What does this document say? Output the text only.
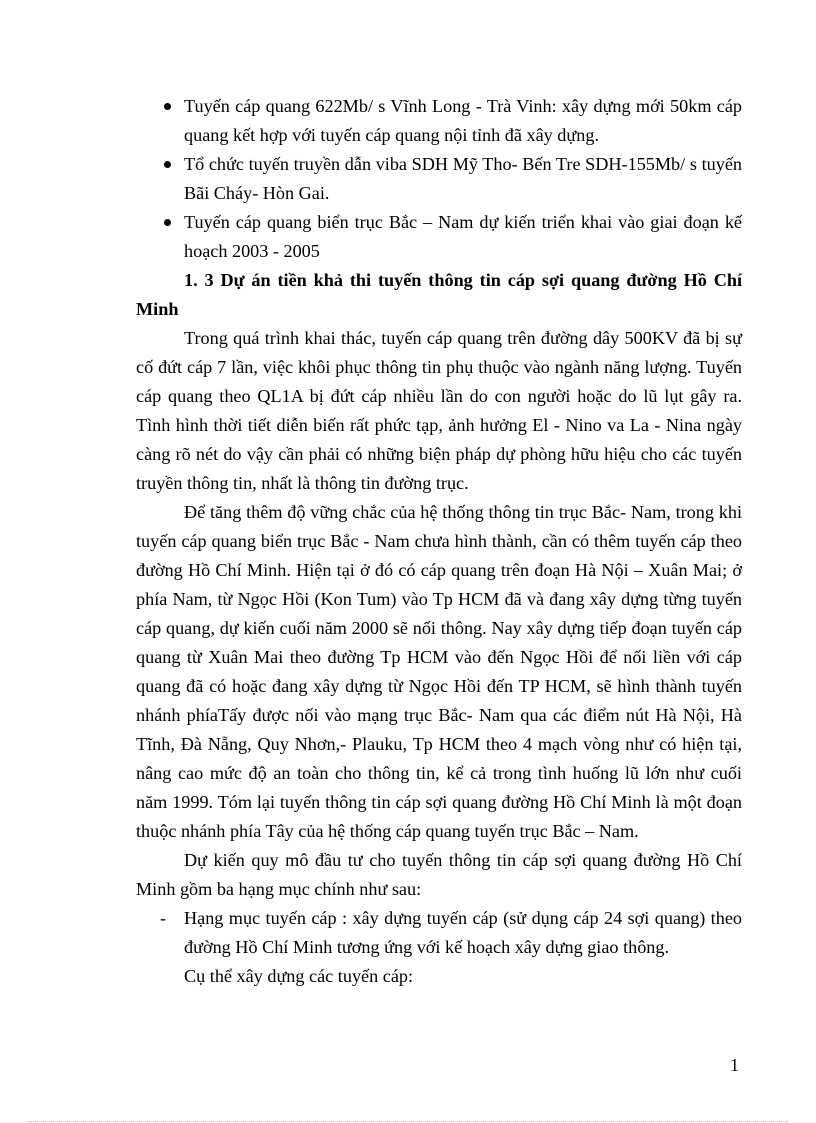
Tuyến cáp quang 622Mb/ s Vĩnh Long - Trà Vinh: xây dựng mới 50km cáp quang kết hợp với tuyến cáp quang nội tỉnh đã xây dựng.
Tổ chức tuyến truyền dẫn viba SDH Mỹ Tho- Bến Tre SDH-155Mb/ s tuyến Bãi Cháy- Hòn Gai.
Tuyến cáp quang biển trục Bắc – Nam dự kiến triển khai vào giai đoạn kế hoạch 2003 - 2005

1. 3 Dự án tiền khả thi tuyến thông tin cáp sợi quang đường Hồ Chí Minh

Trong quá trình khai thác, tuyến cáp quang trên đường dây 500KV đã bị sự cố đứt cáp 7 lần, việc khôi phục thông tin phụ thuộc vào ngành năng lượng. Tuyến cáp quang theo QL1A bị đứt cáp nhiều lần do con người hoặc do lũ lụt gây ra. Tình hình thời tiết diễn biến rất phức tạp, ảnh hưởng El - Nino va La - Nina ngày càng rõ nét do vậy cần phải có những biện pháp dự phòng hữu hiệu cho các tuyến truyền thông tin, nhất là thông tin đường trục.

Để tăng thêm độ vững chắc của hệ thống thông tin trục Bắc- Nam, trong khi tuyến cáp quang biển trục Bắc - Nam chưa hình thành, cần có thêm tuyến cáp theo đường Hồ Chí Minh. Hiện tại ở đó có cáp quang trên đoạn Hà Nội – Xuân Mai; ở phía Nam, từ Ngọc Hồi (Kon Tum) vào Tp HCM đã và đang xây dựng từng tuyến cáp quang, dự kiến cuối năm 2000 sẽ nối thông. Nay xây dựng tiếp đoạn tuyến cáp quang từ Xuân Mai theo đường Tp HCM vào đến Ngọc Hồi để nối liền với cáp quang đã có hoặc đang xây dựng từ Ngọc Hồi đến TP HCM, sẽ hình thành tuyến nhánh phíaTấy được nối vào mạng trục Bắc- Nam qua các điểm nút Hà Nội, Hà Tĩnh, Đà Nẵng, Quy Nhơn,- Plauku, Tp HCM theo 4 mạch vòng như có hiện tại, nâng cao mức độ an toàn cho thông tin, kể cả trong tình huống lũ lớn như cuối năm 1999. Tóm lại tuyến thông tin cáp sợi quang đường Hồ Chí Minh là một đoạn thuộc nhánh phía Tây của hệ thống cáp quang tuyến trục Bắc – Nam.

Dự kiến quy mô đầu tư cho tuyến thông tin cáp sợi quang đường Hồ Chí Minh gồm ba hạng mục chính như sau:

- Hạng mục tuyến cáp : xây dựng tuyến cáp (sử dụng cáp 24 sợi quang) theo đường Hồ Chí Minh tương ứng với kế hoạch xây dựng giao thông.

Cụ thể xây dựng các tuyến cáp:

1
